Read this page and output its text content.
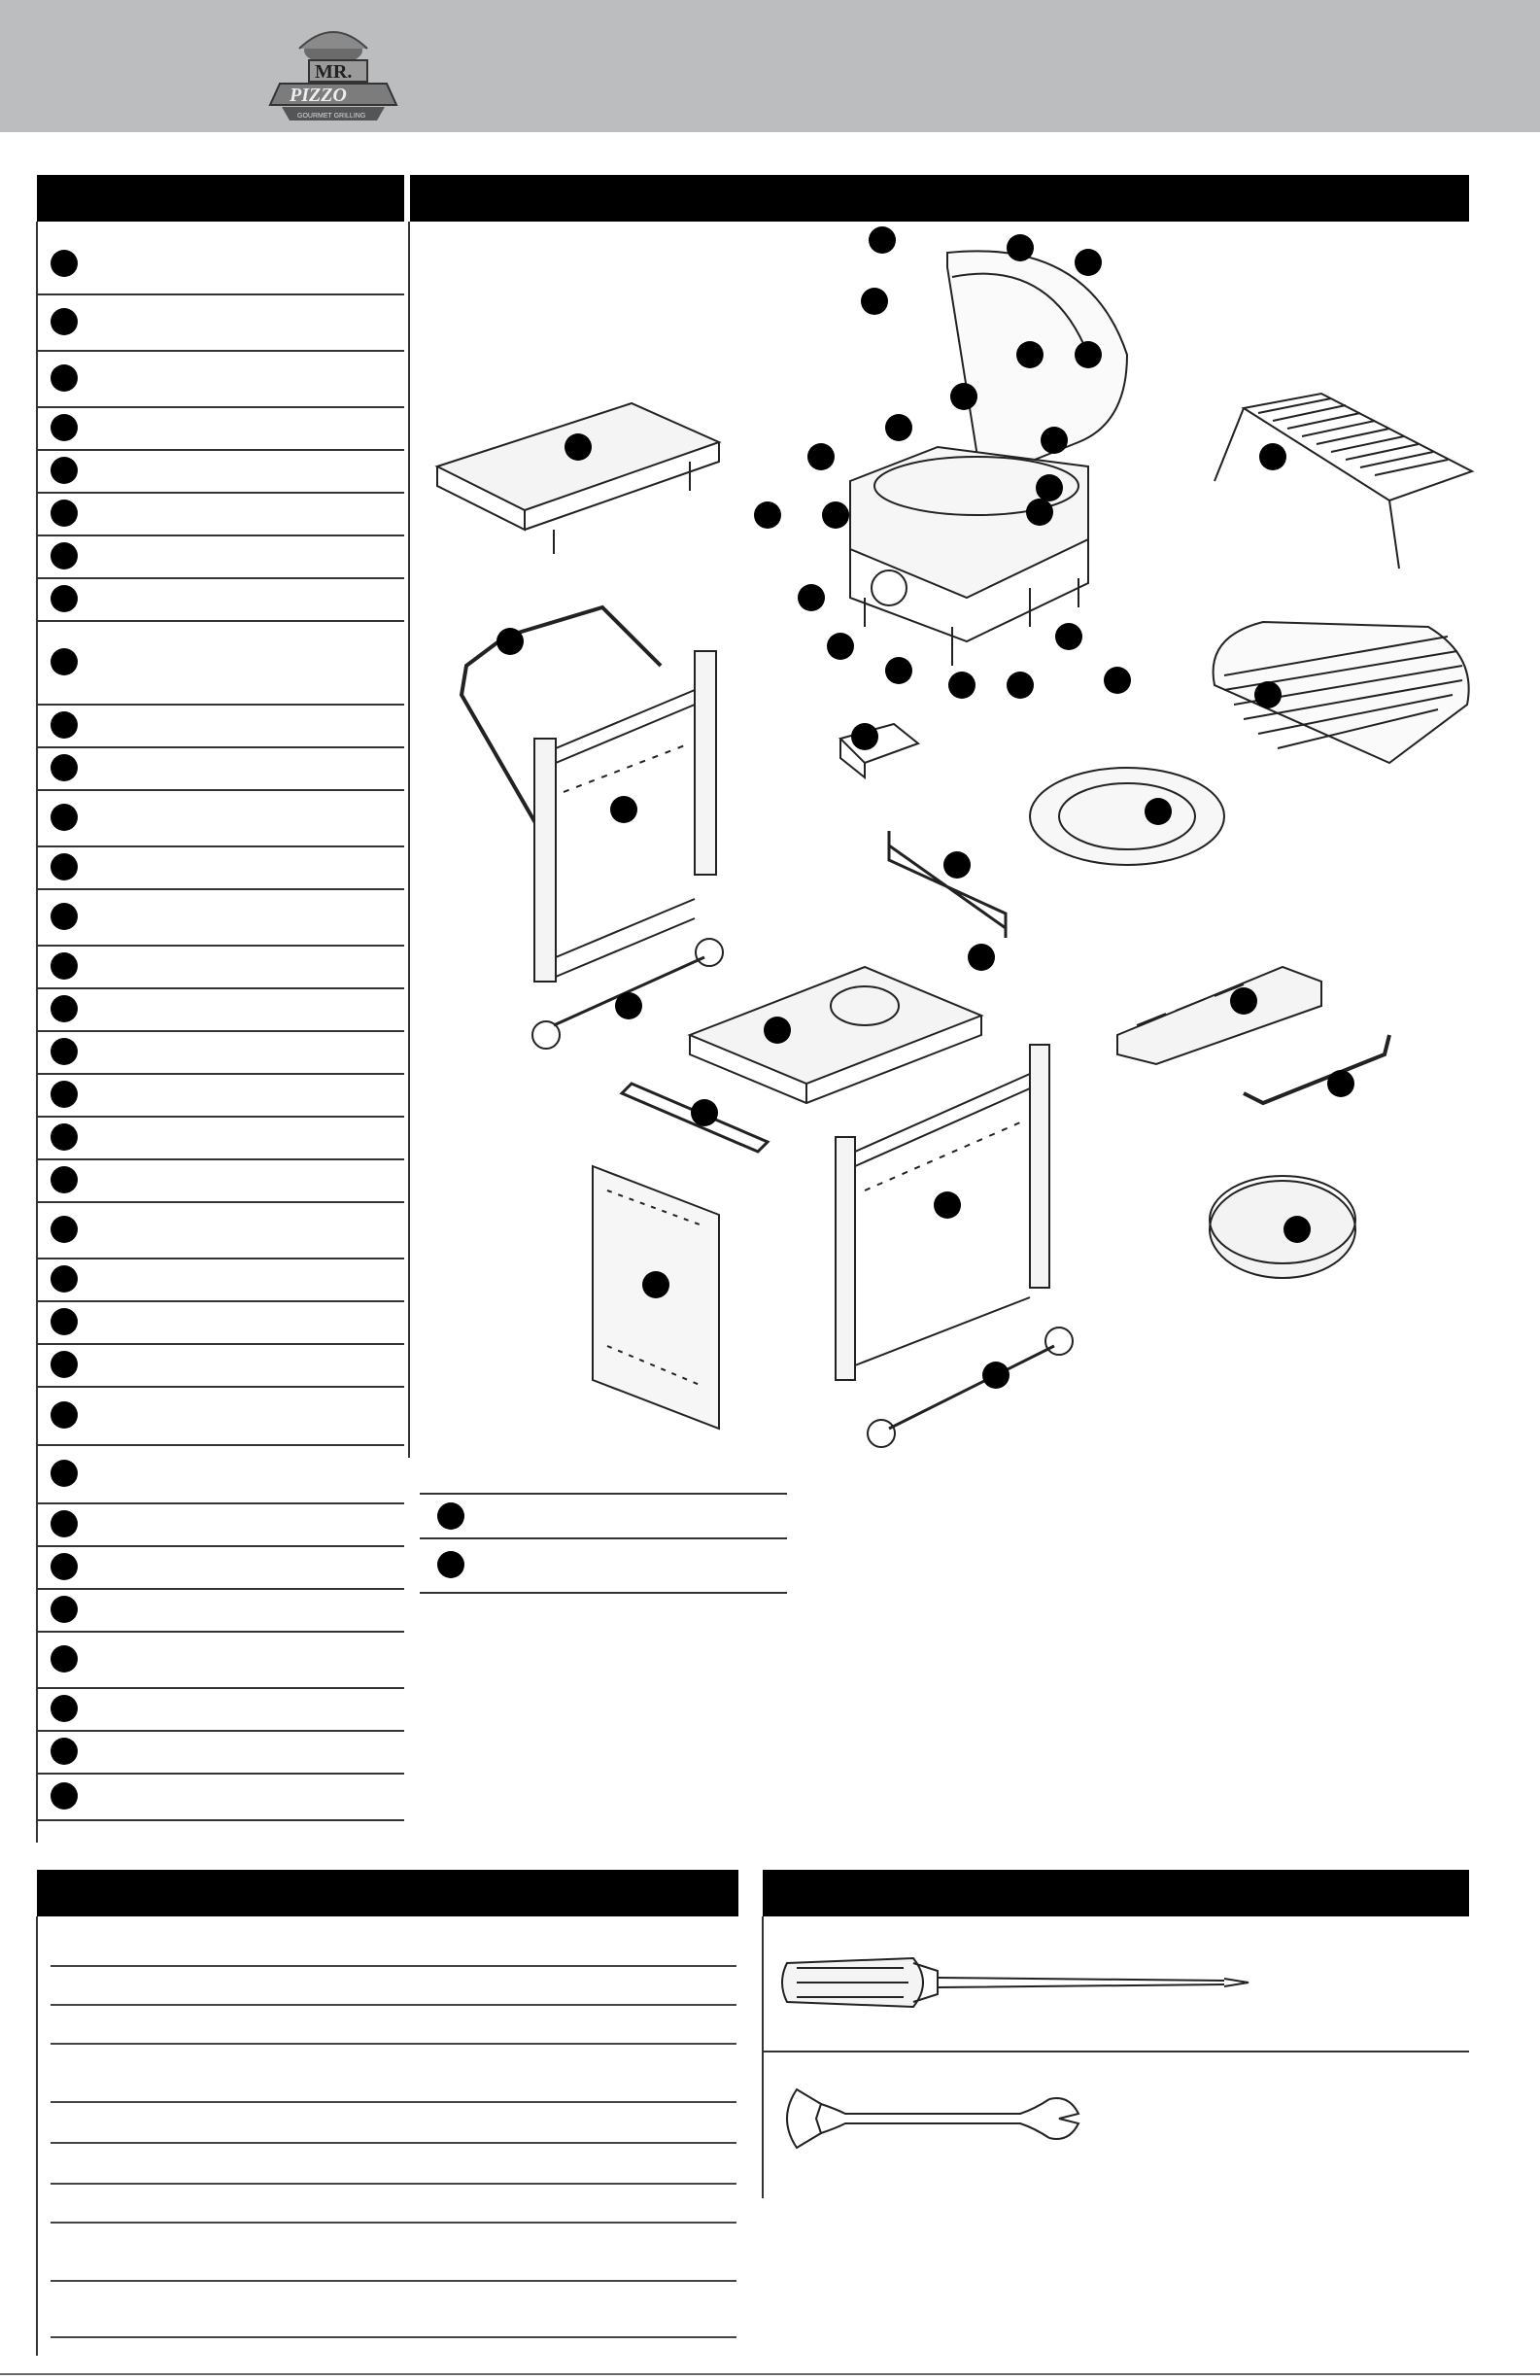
MR.
PIZZO
GOURMET GRILLING
